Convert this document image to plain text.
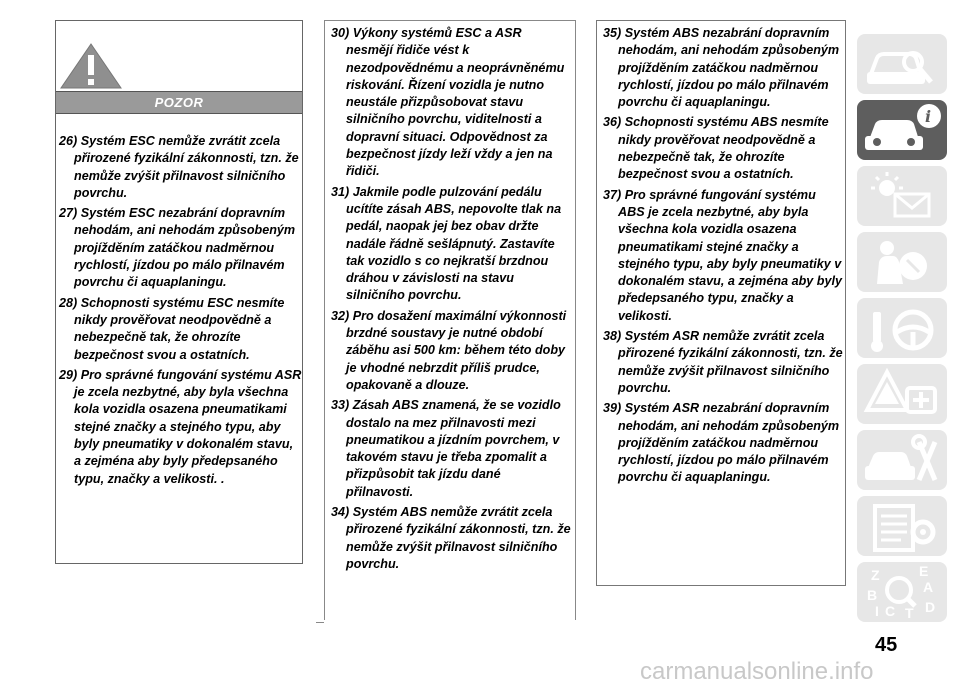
POZOR

26) Systém ESC nemůže zvrátit zcela přirozené fyzikální zákonnosti, tzn. že nemůže zvýšit přilnavost silničního povrchu.

27) Systém ESC nezabrání dopravním nehodám, ani nehodám způsobeným projížděním zatáčkou nadměrnou rychlostí, jízdou po málo přilnavém povrchu či aquaplaningu.

28) Schopnosti systému ESC nesmíte nikdy prověřovat neodpovědně a nebezpečně tak, že ohrozíte bezpečnost svou a ostatních.

29) Pro správné fungování systému ASR je zcela nezbytné, aby byla všechna kola vozidla osazena pneumatikami stejné značky a stejného typu, aby byly pneumatiky v dokonalém stavu, a zejména aby byly předepsaného typu, značky a velikosti. .

30) Výkony systémů ESC a ASR nesmějí řidiče vést k nezodpovědnému a neoprávněnému riskování. Řízení vozidla je nutno neustále přizpůsobovat stavu silničního povrchu, viditelnosti a dopravní situaci. Odpovědnost za bezpečnost jízdy leží vždy a jen na řidiči.

31) Jakmile podle pulzování pedálu ucítíte zásah ABS, nepovolte tlak na pedál, naopak jej bez obav držte nadále řádně sešlápnutý. Zastavíte tak vozidlo s co nejkratší brzdnou dráhou v závislosti na stavu silničního povrchu.

32) Pro dosažení maximální výkonnosti brzdné soustavy je nutné období záběhu asi 500 km: během této doby je vhodné nebrzdit příliš prudce, opakovaně a dlouze.

33) Zásah ABS znamená, že se vozidlo dostalo na mez přilnavosti mezi pneumatikou a jízdním povrchem, v takovém stavu je třeba zpomalit a přizpůsobit tak jízdu dané přilnavosti.

34) Systém ABS nemůže zvrátit zcela přirozené fyzikální zákonnosti, tzn. že nemůže zvýšit přilnavost silničního povrchu.

35) Systém ABS nezabrání dopravním nehodám, ani nehodám způsobeným projížděním zatáčkou nadměrnou rychlostí, jízdou po málo přilnavém povrchu či aquaplaningu.

36) Schopnosti systému ABS nesmíte nikdy prověřovat neodpovědně a nebezpečně tak, že ohrozíte bezpečnost svou a ostatních.

37) Pro správné fungování systému ABS je zcela nezbytné, aby byla všechna kola vozidla osazena pneumatikami stejné značky a stejného typu, aby byly pneumatiky v dokonalém stavu, a zejména aby byly předepsaného typu, značky a velikosti.

38) Systém ASR nemůže zvrátit zcela přirozené fyzikální zákonnosti, tzn. že nemůže zvýšit přilnavost silničního povrchu.

39) Systém ASR nezabrání dopravním nehodám, ani nehodám způsobeným projížděním zatáčkou nadměrnou rychlostí, jízdou po málo přilnavém povrchu či aquaplaningu.

i
Z	E
A
B
C T D
I
45
carmanualsonline.info
